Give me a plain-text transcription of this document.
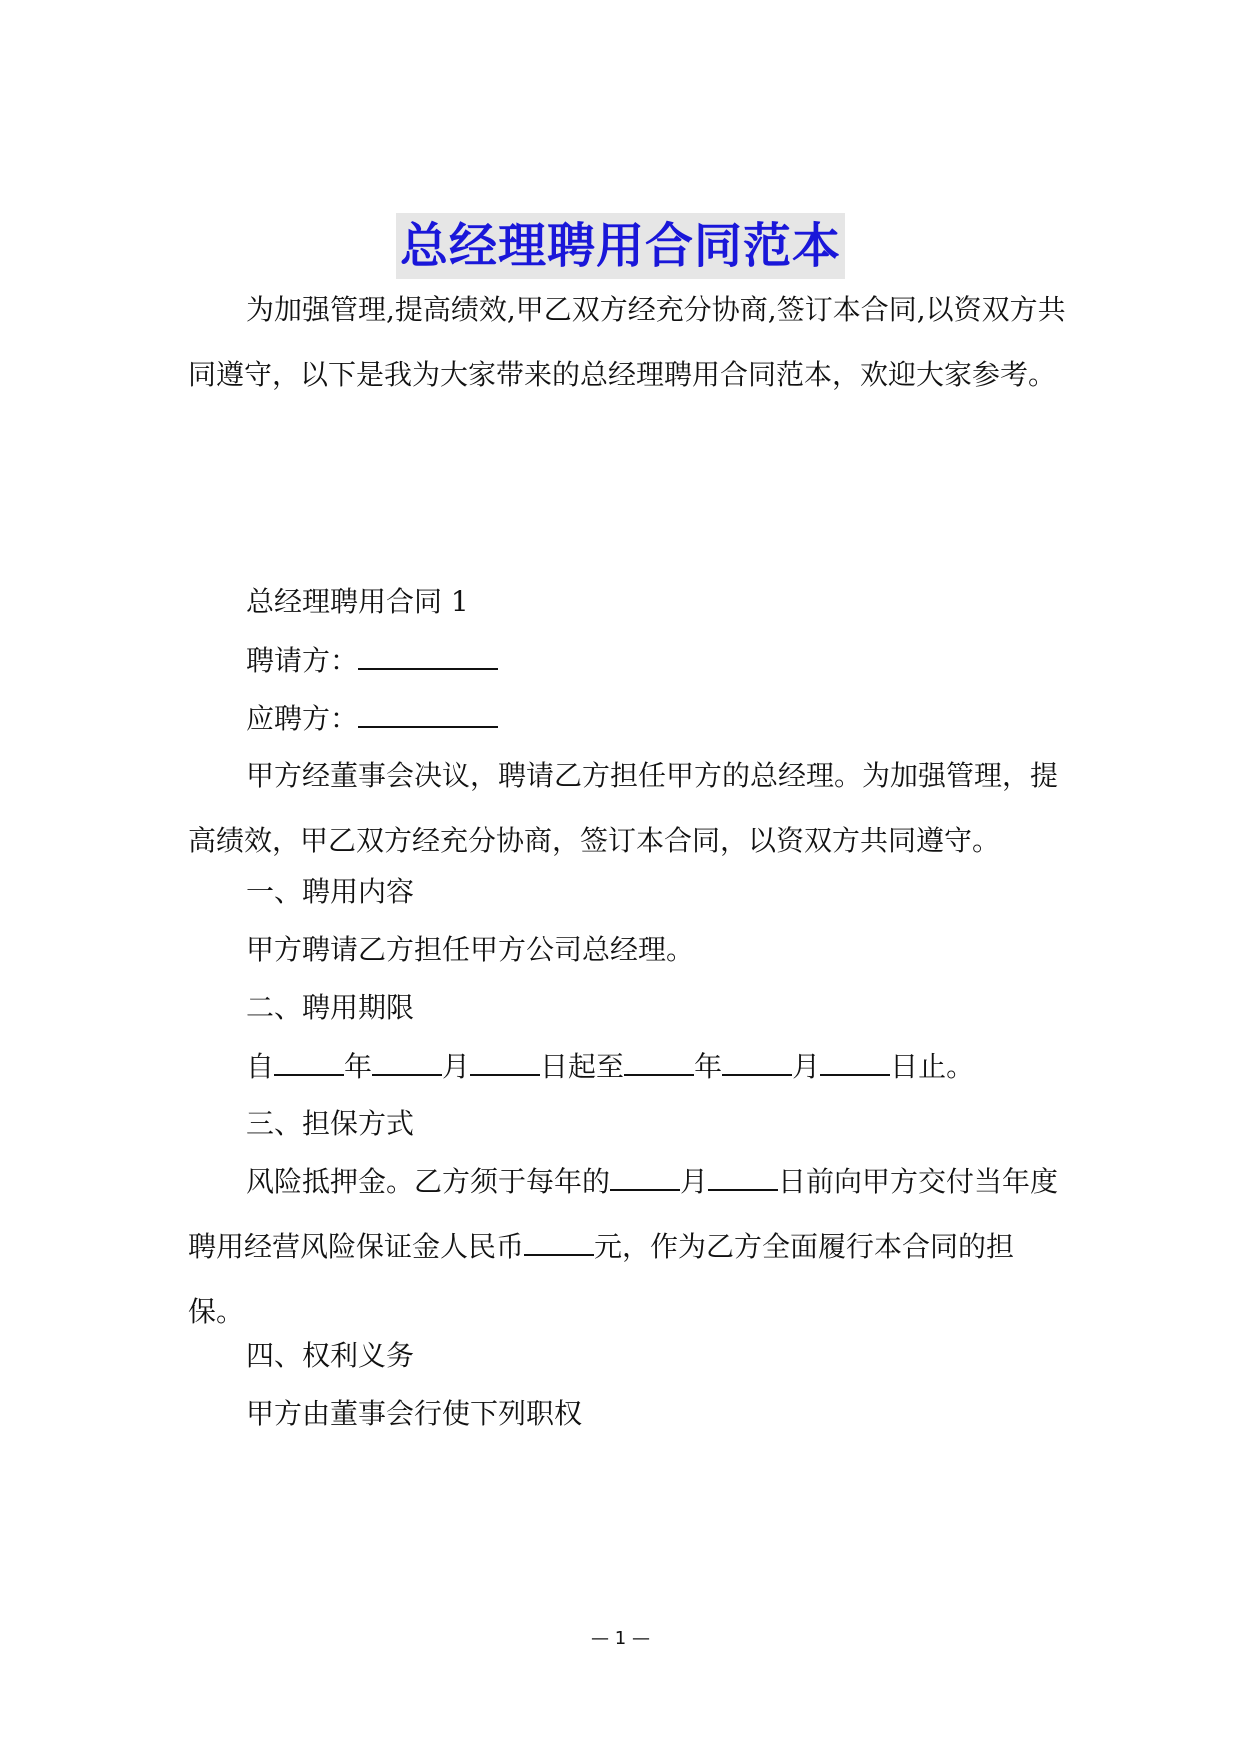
总经理聘用合同范本

为加强管理,提高绩效,甲乙双方经充分协商,签订本合同,以资双方共同遵守，以下是我为大家带来的总经理聘用合同范本，欢迎大家参考。

总经理聘用合同 1

聘请方：

应聘方：

甲方经董事会决议，聘请乙方担任甲方的总经理。为加强管理，提高绩效，甲乙双方经充分协商，签订本合同，以资双方共同遵守。

一、聘用内容

甲方聘请乙方担任甲方公司总经理。

二、聘用期限

自	年	月	日起至	年	月	日止。

三、担保方式

风险抵押金。乙方须于每年的	月	日前向甲方交付当年度聘用经营风险保证金人民币	元，作为乙方全面履行本合同的担保。

四、权利义务

甲方由董事会行使下列职权

— 1 —
